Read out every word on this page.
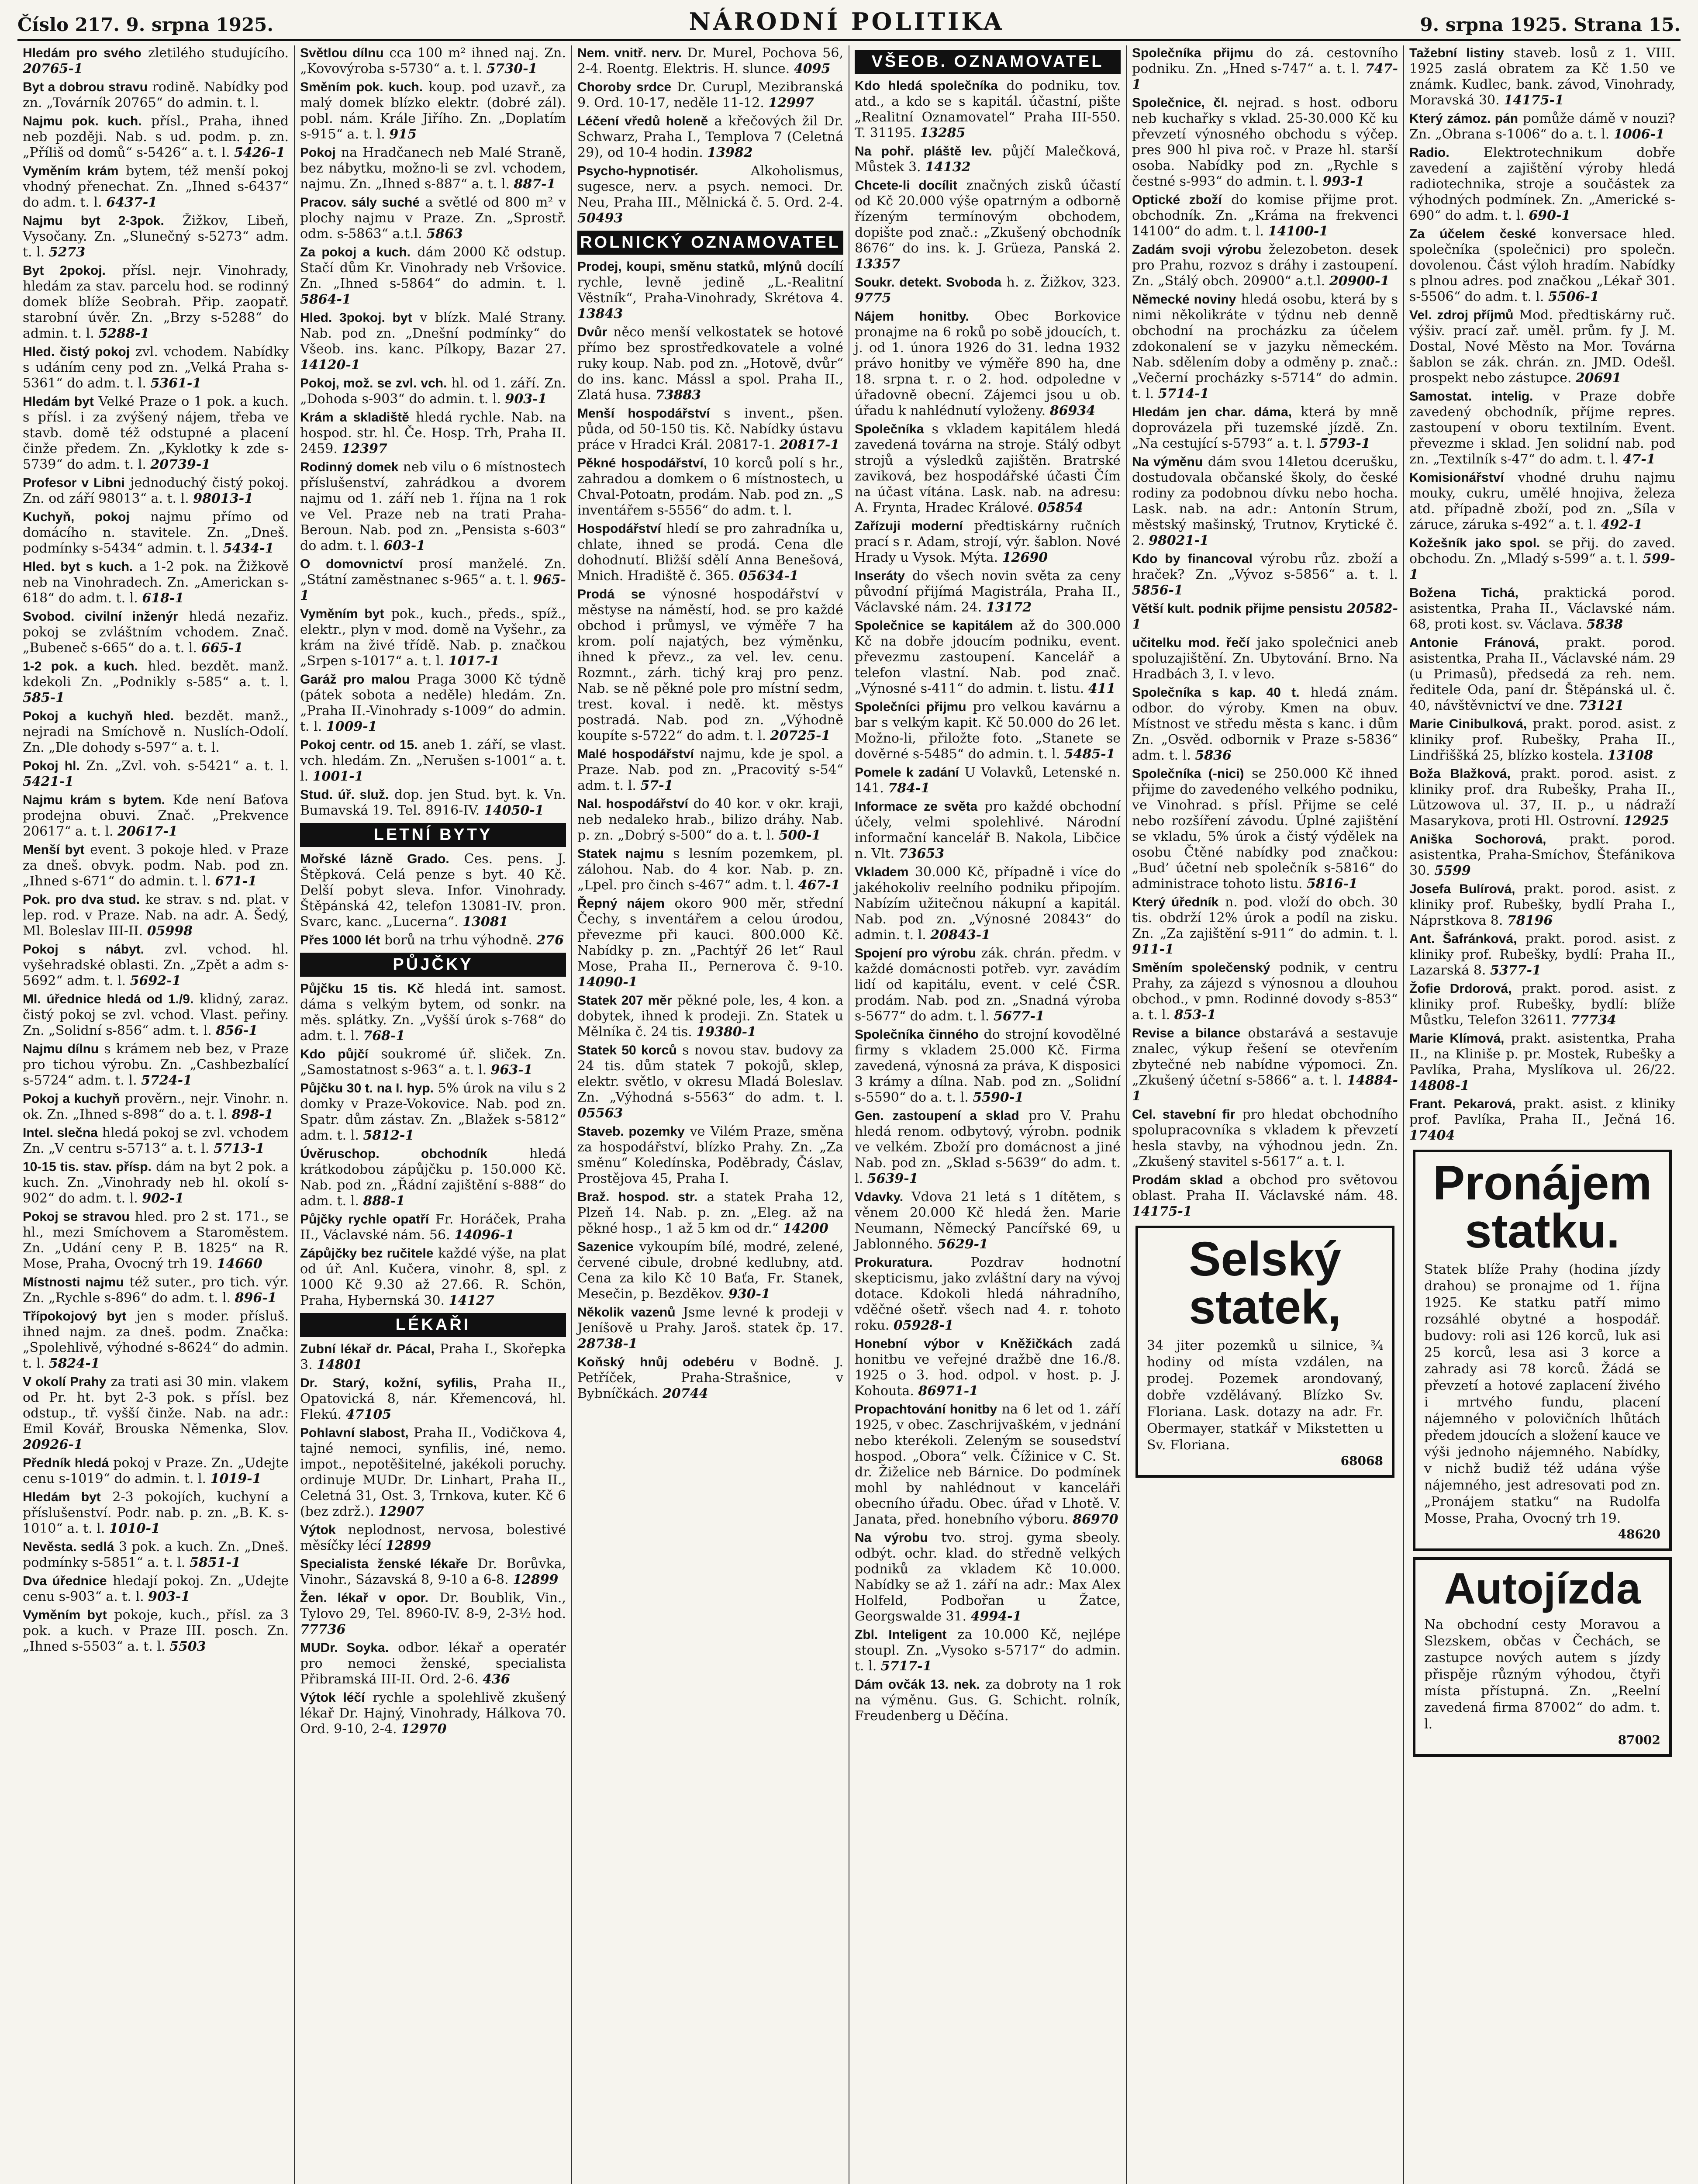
Číslo 217. 9. srpna 1925.	NÁRODNÍ POLITIKA	9. srpna 1925. Strana 15.

Hledám pro svého zletilého studujícího. 20765-1

Byt a dobrou stravu rodině. Nabídky pod zn. „Továrník 20765“ do admin. t. l.

Najmu pok. kuch. přísl., Praha, ihned neb později. Nab. s ud. podm. p. zn. „Příliš od domů“ s-5426“ a. t. l. 5426-1

Vyměním krám bytem, též menší pokoj vhodný přenechat. Zn. „Ihned s-6437“ do adm. t. l. 6437-1

Najmu byt 2-3pok. Žižkov, Libeň, Vysočany. Zn. „Slunečný s-5273“ adm. t. l. 5273

Byt 2pokoj. přísl. nejr. Vinohrady, hledám za stav. parcelu hod. se rodinný domek blíže Seobrah. Přip. zaopatř. starobní úvěr. Zn. „Brzy s-5288“ do admin. t. l. 5288-1

Hled. čistý pokoj zvl. vchodem. Nabídky s udáním ceny pod zn. „Velká Praha s-5361“ do adm. t. l. 5361-1

Hledám byt Velké Praze o 1 pok. a kuch. s přísl. i za zvýšený nájem, třeba ve stavb. domě též odstupné a placení činže předem. Zn. „Kyklotky k zde s-5739“ do adm. t. l. 20739-1

Profesor v Libni jednoduchý čistý pokoj. Zn. od září 98013“ a. t. l. 98013-1

Kuchyň, pokoj najmu přímo od domácího n. stavitele. Zn. „Dneš. podmínky s-5434“ admin. t. l. 5434-1

Hled. byt s kuch. a 1-2 pok. na Žižkově neb na Vinohradech. Zn. „Americkan s-618“ do adm. t. l. 618-1

Svobod. civilní inženýr hledá nezařiz. pokoj se zvláštním vchodem. Znač. „Bubeneč s-665“ do a. t. l. 665-1

1-2 pok. a kuch. hled. bezdět. manž. kdekoli Zn. „Podnikly s-585“ a. t. l. 585-1

Pokoj a kuchyň hled. bezdět. manž., nejradi na Smíchově n. Nuslích-Odolí. Zn. „Dle dohody s-597“ a. t. l.

Pokoj hl. Zn. „Zvl. voh. s-5421“ a. t. l. 5421-1

Najmu krám s bytem. Kde není Baťova prodejna obuvi. Znač. „Prekvence 20617“ a. t. l. 20617-1

Menší byt event. 3 pokoje hled. v Praze za dneš. obvyk. podm. Nab. pod zn. „Ihned s-671“ do admin. t. l. 671-1

Pok. pro dva stud. ke strav. s nd. plat. v lep. rod. v Praze. Nab. na adr. A. Šedý, Ml. Boleslav III-II. 05998

Pokoj s nábyt. zvl. vchod. hl. vyšehradské oblasti. Zn. „Zpět a adm s-5692“ adm. t. l. 5692-1

Ml. úřednice hledá od 1./9. klidný, zaraz. čistý pokoj se zvl. vchod. Vlast. peřiny. Zn. „Solidní s-856“ adm. t. l. 856-1

Najmu dílnu s krámem neb bez, v Praze pro tichou výrobu. Zn. „Cashbezbalící s-5724“ adm. t. l. 5724-1

Pokoj a kuchyň prověrn., nejr. Vinohr. n. ok. Zn. „Ihned s-898“ do a. t. l. 898-1

Intel. slečna hledá pokoj se zvl. vchodem Zn. „V centru s-5713“ a. t. l. 5713-1

10-15 tis. stav. přísp. dám na byt 2 pok. a kuch. Zn. „Vinohrady neb hl. okolí s-902“ do adm. t. l. 902-1

Pokoj se stravou hled. pro 2 st. 171., se hl., mezi Smíchovem a Staroměstem. Zn. „Udání ceny P. B. 1825“ na R. Mose, Praha, Ovocný trh 19. 14660

Místnosti najmu též suter., pro tich. výr. Zn. „Rychle s-896“ do adm. t. l. 896-1

Třípokojový byt jen s moder. přísluš. ihned najm. za dneš. podm. Značka: „Spolehlivě, výhodné s-8624“ do admin. t. l. 5824-1

V okolí Prahy za trati asi 30 min. vlakem od Pr. ht. byt 2-3 pok. s přísl. bez odstup., tř. vyšší činže. Nab. na adr.: Emil Kovář, Brouska Němenka, Slov. 20926-1

Předník hledá pokoj v Praze. Zn. „Udejte cenu s-1019“ do admin. t. l. 1019-1

Hledám byt 2-3 pokojích, kuchyní a příslušenství. Podr. nab. p. zn. „B. K. s-1010“ a. t. l. 1010-1

Nevěsta. sedlá 3 pok. a kuch. Zn. „Dneš. podmínky s-5851“ a. t. l. 5851-1

Dva úřednice hledají pokoj. Zn. „Udejte cenu s-903“ a. t. l. 903-1

Vyměním byt pokoje, kuch., přísl. za 3 pok. a kuch. v Praze III. posch. Zn. „Ihned s-5503“ a. t. l. 5503

Světlou dílnu cca 100 m² ihned naj. Zn. „Kovovýroba s-5730“ a. t. l. 5730-1

Směním pok. kuch. koup. pod uzavř., za malý domek blízko elektr. (dobré zál). pobl. nám. Krále Jiřího. Zn. „Doplatím s-915“ a. t. l. 915

Pokoj na Hradčanech neb Malé Straně, bez nábytku, možno-li se zvl. vchodem, najmu. Zn. „Ihned s-887“ a. t. l. 887-1

Pracov. sály suché a světlé od 800 m² v plochy najmu v Praze. Zn. „Sprostř. odm. s-5863“ a.t.l. 5863

Za pokoj a kuch. dám 2000 Kč odstup. Stačí dům Kr. Vinohrady neb Vršovice. Zn. „Ihned s-5864“ do admin. t. l. 5864-1

Hled. 3pokoj. byt v blízk. Malé Strany. Nab. pod zn. „Dnešní podmínky“ do Všeob. ins. kanc. Pílkopy, Bazar 27. 14120-1

Pokoj, mož. se zvl. vch. hl. od 1. září. Zn. „Dohoda s-903“ do admin. t. l. 903-1

Krám a skladiště hledá rychle. Nab. na hospod. str. hl. Če. Hosp. Trh, Praha II. 2459. 12397

Rodinný domek neb vilu o 6 místnostech příslušenství, zahrádkou a dvorem najmu od 1. září neb 1. října na 1 rok ve Vel. Praze neb na trati Praha-Beroun. Nab. pod zn. „Pensista s-603“ do adm. t. l. 603-1

O domovnictví prosí manželé. Zn. „Státní zaměstnanec s-965“ a. t. l. 965-1

Vyměním byt pok., kuch., předs., spíž., elektr., plyn v mod. domě na Vyšehr., za krám na živé třídě. Nab. p. značkou „Srpen s-1017“ a. t. l. 1017-1

Garáž pro malou Praga 3000 Kč týdně (pátek sobota a neděle) hledám. Zn. „Praha II.-Vinohrady s-1009“ do admin. t. l. 1009-1

Pokoj centr. od 15. aneb 1. září, se vlast. vch. hledám. Zn. „Nerušen s-1001“ a. t. l. 1001-1

Stud. úř. služ. dop. jen Stud. byt. k. Vn. Bumavská 19. Tel. 8916-IV. 14050-1

LETNÍ BYTY

Mořské lázně Grado. Ces. pens. J. Štěpková. Celá penze s byt. 40 Kč. Delší pobyt sleva. Infor. Vinohrady. Štěpánská 42, telefon 13081-IV. pron. Svarc, kanc. „Lucerna“. 13081

Přes 1000 lét borů na trhu výhodně. 276

PŮJČKY

Půjčku 15 tis. Kč hledá int. samost. dáma s velkým bytem, od sonkr. na měs. splátky. Zn. „Vyšší úrok s-768“ do adm. t. l. 768-1

Kdo půjčí soukromé úř. sliček. Zn. „Samostatnost s-963“ a. t. l. 963-1

Půjčku 30 t. na I. hyp. 5% úrok na vilu s 2 domky v Praze-Vokovice. Nab. pod zn. Spatr. dům zástav. Zn. „Blažek s-5812“ adm. t. l. 5812-1

Úvěruschop. obchodník hledá krátkodobou zápůjčku p. 150.000 Kč. Nab. pod zn. „Řádní zajištění s-888“ do adm. t. l. 888-1

Půjčky rychle opatří Fr. Horáček, Praha II., Václavské nám. 56. 14096-1

Zápůjčky bez ručitele každé výše, na plat od úř. Anl. Kučera, vinohr. 8, spl. z 1000 Kč 9.30 až 27.66. R. Schön, Praha, Hybernská 30. 14127

LÉKAŘI

Zubní lékař dr. Pácal, Praha I., Skořepka 3. 14801

Dr. Starý, kožní, syfilis, Praha II., Opatovická 8, nár. Křemencová, hl. Flekú. 47105

Pohlavní slabost, Praha II., Vodičkova 4, tajné nemoci, synfilis, iné, nemo. impot., nepotěšitelné, jakékoli poruchy. ordinuje MUDr. Dr. Linhart, Praha II., Celetná 31, Ost. 3, Trnkova, kuter. Kč 6 (bez zdrž.). 12907

Výtok neplodnost, nervosa, bolestivé měsíčky lécí 12899

Specialista ženské lékaře Dr. Borůvka, Vinohr., Sázavská 8, 9-10 a 6-8. 12899

Žen. lékař v opor. Dr. Boublik, Vin., Tylovo 29, Tel. 8960-IV. 8-9, 2-3½ hod. 77736

MUDr. Soyka. odbor. lékař a operatér pro nemoci ženské, specialista Přibramská III-II. Ord. 2-6. 436

Výtok léčí rychle a spolehlivě zkušený lékař Dr. Hajný, Vinohrady, Hálkova 70. Ord. 9-10, 2-4. 12970

Nem. vnitř. nerv. Dr. Murel, Pochova 56, 2-4. Roentg. Elektris. H. slunce. 4095

Choroby srdce Dr. Curupl, Mezibranská 9. Ord. 10-17, neděle 11-12. 12997

Léčení vředů holeně a křečových žil Dr. Schwarz, Praha I., Templova 7 (Celetná 29), od 10-4 hodin. 13982

Psycho-hypnotisér. Alkoholismus, sugesce, nerv. a psych. nemoci. Dr. Neu, Praha III., Mělnická č. 5. Ord. 2-4. 50493

ROLNICKÝ OZNAMOVATEL

Prodej, koupi, směnu statků, mlýnů docílí rychle, levně jedině „L.-Realitní Věstník“, Praha-Vinohrady, Skrétova 4. 13843

Dvůr něco menší velkostatek se hotové přímo bez sprostředkovatele a volné ruky koup. Nab. pod zn. „Hotově, dvůr“ do ins. kanc. Mássl a spol. Praha II., Zlatá husa. 73883

Menší hospodářství s invent., pšen. půda, od 50-150 tis. Kč. Nabídky ústavu práce v Hradci Král. 20817-1. 20817-1

Pěkné hospodářství, 10 korců polí s hr., zahradou a domkem o 6 místnostech, u Chval-Potoatn, prodám. Nab. pod zn. „S inventářem s-5556“ do adm. t. l.

Hospodářství hledí se pro zahradníka u, chlate, ihned se prodá. Cena dle dohodnutí. Bližší sdělí Anna Benešová, Mnich. Hradiště č. 365. 05634-1

Prodá se výnosné hospodářství v městyse na náměstí, hod. se pro každé obchod i průmysl, ve výměře 7 ha krom. polí najatých, bez výměnku, ihned k převz., za vel. lev. cenu. Rozmnt., zárh. tichý kraj pro penz. Nab. se ně pěkné pole pro místní sedm, trest. koval. i nedě. kt. městys postradá. Nab. pod zn. „Výhodně koupíte s-5722“ do adm. t. l. 20725-1

Malé hospodářství najmu, kde je spol. a Praze. Nab. pod zn. „Pracovitý s-54“ adm. t. l. 57-1

Nal. hospodářství do 40 kor. v okr. kraji, neb nedaleko hrab., bilizo dráhy. Nab. p. zn. „Dobrý s-500“ do a. t. l. 500-1

Statek najmu s lesním pozemkem, pl. zálohou. Nab. do 4 kor. Nab. p. zn. „Lpel. pro činch s-467“ adm. t. l. 467-1

Řepný nájem okoro 900 měr, střední Čechy, s inventářem a celou úrodou, převezme při kauci. 800.000 Kč. Nabídky p. zn. „Pachtýř 26 let“ Raul Mose, Praha II., Pernerova č. 9-10. 14090-1

Statek 207 měr pěkné pole, les, 4 kon. a dobytek, ihned k prodeji. Zn. Statek u Mělníka č. 24 tis. 19380-1

Statek 50 korců s novou stav. budovy za 24 tis. dům statek 7 pokojů, sklep, elektr. světlo, v okresu Mladá Boleslav. Zn. „Výhodná s-5563“ do adm. t. l. 05563

Staveb. pozemky ve Vilém Praze, směna za hospodářství, blízko Prahy. Zn. „Za směnu“ Koledínska, Poděbrady, Čáslav, Prostějova 45, Praha I.

Braž. hospod. str. a statek Praha 12, Plzeň 14. Nab. p. zn. „Eleg. až na pěkné hosp., 1 až 5 km od dr.“ 14200

Sazenice vykoupím bílé, modré, zelené, červené cibule, drobné kedlubny, atd. Cena za kilo Kč 10 Baťa, Fr. Stanek, Mesečin, p. Bezděkov. 930-1

Několik vazenů Jsme levné k prodeji v Jeníšově u Prahy. Jaroš. statek čp. 17. 28738-1

Koňský hnůj odebéru v Bodně. J. Petříček, Praha-Strašnice, v Bybníčkách. 20744

VŠEOB. OZNAMOVATEL

Kdo hledá společníka do podniku, tov. atd., a kdo se s kapitál. účastní, pište „Realitní Oznamovatel“ Praha III-550. T. 31195. 13285

Na pohř. pláště lev. půjčí Malečková, Můstek 3. 14132

Chcete-li docílit značných zisků účastí od Kč 20.000 výše opatrným a odborně řízeným termínovým obchodem, dopište pod znač.: „Zkušený obchodník 8676“ do ins. k. J. Grüeza, Panská 2. 13357

Soukr. detekt. Svoboda h. z. Žižkov, 323. 9775

Nájem honitby. Obec Borkovice pronajme na 6 roků po sobě jdoucích, t. j. od 1. února 1926 do 31. ledna 1932 právo honitby ve výměře 890 ha, dne 18. srpna t. r. o 2. hod. odpoledne v úřadovně obecní. Zájemci jsou u ob. úřadu k nahlédnutí vyloženy. 86934

Společníka s vkladem kapitálem hledá zavedená továrna na stroje. Stálý odbyt strojů a výsledků zajištěn. Bratrské zaviková, bez hospodářské účasti Čím na účast vítána. Lask. nab. na adresu: A. Frynta, Hradec Králové. 05854

Zařízuji moderní předtiskárny ručních prací s r. Adam, strojí, výr. šablon. Nové Hrady u Vysok. Mýta. 12690

Inseráty do všech novin světa za ceny původní přijímá Magistrála, Praha II., Václavské nám. 24. 13172

Společnice se kapitálem až do 300.000 Kč na dobře jdoucím podniku, event. převezmu zastoupení. Kancelář a telefon vlastní. Nab. pod znač. „Výnosné s-411“ do admin. t. listu. 411

Společníci přijmu pro velkou kavárnu a bar s velkým kapit. Kč 50.000 do 26 let. Možno-li, přiložte foto. „Stanete se dověrné s-5485“ do admin. t. l. 5485-1

Pomele k zadání U Volavků, Letenské n. 141. 784-1

Informace ze světa pro každé obchodní účely, velmi spolehlivé. Národní informační kancelář B. Nakola, Libčice n. Vlt. 73653

Vkladem 30.000 Kč, případně i více do jakéhokoliv reelního podniku připojím. Nabízím užitečnou nákupní a kapitál. Nab. pod zn. „Výnosné 20843“ do admin. t. l. 20843-1

Spojení pro výrobu zák. chrán. předm. v každé domácnosti potřeb. vyr. zavádím lidí od kapitálu, event. v celé ČSR. prodám. Nab. pod zn. „Snadná výroba s-5677“ do adm. t. l. 5677-1

Společníka činného do strojní kovodělné firmy s vkladem 25.000 Kč. Firma zavedená, výnosná za práva, K disposici 3 krámy a dílna. Nab. pod zn. „Solidní s-5590“ do a. t. l. 5590-1

Gen. zastoupení a sklad pro V. Prahu hledá renom. odbytový, výrobn. podnik ve velkém. Zboží pro domácnost a jiné Nab. pod zn. „Sklad s-5639“ do adm. t. l. 5639-1

Vdavky. Vdova 21 letá s 1 dítětem, s věnem 20.000 Kč hledá žen. Marie Neumann, Německý Pancířské 69, u Jablonného. 5629-1

Prokuratura. Pozdrav hodnotní skepticismu, jako zvláštní dary na vývoj dotace. Kdokoli hledá náhradního, vděčné ošetř. všech nad 4. r. tohoto roku. 05928-1

Honební výbor v Kněžičkách zadá honitbu ve veřejné dražbě dne 16./8. 1925 o 3. hod. odpol. v host. p. J. Kohouta. 86971-1

Propachtování honitby na 6 let od 1. září 1925, v obec. Zaschrijvaškém, v jednání nebo kterékoli. Zeleným se sousedství hospod. „Obora“ velk. Čížinice v C. St. dr. Žiželice neb Bárnice. Do podmínek mohl by nahlédnout v kanceláři obecního úřadu. Obec. úřad v Lhotě. V. Janata, před. honebního výboru. 86970

Na výrobu tvo. stroj. gyma sbeoly. odbýt. ochr. klad. do středně velkých podniků za vkladem Kč 10.000. Nabídky se až 1. září na adr.: Max Alex Holfeld, Podbořan u Žatce, Georgswalde 31. 4994-1

Zbl. Inteligent za 10.000 Kč, nejlépe stoupl. Zn. „Vysoko s-5717“ do admin. t. l. 5717-1

Dám ovčák 13. nek. za dobroty na 1 rok na výměnu. Gus. G. Schicht. rolník, Freudenberg u Děčína.

Společníka přijmu do zá. cestovního podniku. Zn. „Hned s-747“ a. t. l. 747-1

Společnice, čl. nejrad. s host. odboru neb kuchařky s vklad. 25-30.000 Kč ku převzetí výnosného obchodu s výčep. pres 900 hl piva roč. v Praze hl. starší osoba. Nabídky pod zn. „Rychle s čestné s-993“ do admin. t. l. 993-1

Optické zboží do komise přijme prot. obchodník. Zn. „Kráma na frekvenci 14100“ do adm. t. l. 14100-1

Zadám svoji výrobu železobeton. desek pro Prahu, rozvoz s dráhy i zastoupení. Zn. „Stálý obch. 20900“ a.t.l. 20900-1

Německé noviny hledá osobu, která by s nimi několikráte v týdnu neb denně obchodní na procházku za účelem zdokonalení se v jazyku německém. Nab. sdělením doby a odměny p. znač.: „Večerní procházky s-5714“ do admin. t. l. 5714-1

Hledám jen char. dáma, která by mně doprovázela při tuzemské jízdě. Zn. „Na cestující s-5793“ a. t. l. 5793-1

Na výměnu dám svou 14letou dcerušku, dostudovala občanské školy, do české rodiny za podobnou dívku nebo hocha. Lask. nab. na adr.: Antonín Strum, městský mašinský, Trutnov, Krytické č. 2. 98021-1

Kdo by financoval výrobu růz. zboží a hraček? Zn. „Vývoz s-5856“ a. t. l. 5856-1

Větší kult. podnik přijme pensistu 20582-1

učitelku mod. řečí jako společnici aneb spoluzajištění. Zn. Ubytování. Brno. Na Hradbách 3, I. v levo.

Společníka s kap. 40 t. hledá znám. odbor. do výroby. Kmen na obuv. Místnost ve středu města s kanc. i dům Zn. „Osvěd. odbornik v Praze s-5836“ adm. t. l. 5836

Společníka (-nici) se 250.000 Kč ihned přijme do zavedeného velkého podniku, ve Vinohrad. s přísl. Přijme se celé nebo rozšíření závodu. Úplné zajištění se vkladu, 5% úrok a čistý výdělek na osobu Čtěné nabídky pod značkou: „Bud’ účetní neb společník s-5816“ do administrace tohoto listu. 5816-1

Který úředník n. pod. vloží do obch. 30 tis. obdrží 12% úrok a podíl na zisku. Zn. „Za zajištění s-911“ do admin. t. l. 911-1

Směním společenský podnik, v centru Prahy, za zájezd s výnosnou a dlouhou obchod., v pmn. Rodinné dovody s-853“ a. t. l. 853-1

Revise a bilance obstarává a sestavuje znalec, výkup řešení se otevřením zbytečné neb nabídne výpomoci. Zn. „Zkušený účetní s-5866“ a. t. l. 14884-1

Cel. stavební fir pro hledat obchodního spolupracovníka s vkladem k převzetí hesla stavby, na výhodnou jedn. Zn. „Zkušený stavitel s-5617“ a. t. l.

Prodám sklad a obchod pro světovou oblast. Praha II. Václavské nám. 48. 14175-1

Selský statek,
34 jiter pozemků u silnice, ¾ hodiny od místa vzdálen, na prodej. Pozemek arondovaný, dobře vzdělávaný. Blízko Sv. Floriana. Lask. dotazy na adr. Fr. Obermayer, statkář v Mikstetten u Sv. Floriana.
68068

Tažební listiny staveb. losů z 1. VIII. 1925 zaslá obratem za Kč 1.50 ve známk. Kudlec, bank. závod, Vinohrady, Moravská 30. 14175-1

Který zámoz. pán pomůže dámě v nouzi? Zn. „Obrana s-1006“ do a. t. l. 1006-1

Radio. Elektrotechnikum dobře zavedení a zajištění výroby hledá radiotechnika, stroje a součástek za výhodných podmínek. Zn. „Americké s-690“ do adm. t. l. 690-1

Za účelem české konversace hled. společníka (společnici) pro společn. dovolenou. Část výloh hradím. Nabídky s plnou adres. pod značkou „Lékař 301. s-5506“ do adm. t. l. 5506-1

Vel. zdroj příjmů Mod. předtiskárny ruč. výšiv. prací zař. uměl. prům. fy J. M. Dostal, Nové Město na Mor. Továrna šablon se zák. chrán. zn. JMD. Odešl. prospekt nebo zástupce. 20691

Samostat. intelig. v Praze dobře zavedený obchodník, příjme repres. zastoupení v oboru textilním. Event. převezme i sklad. Jen solidní nab. pod zn. „Textilník s-47“ do adm. t. l. 47-1

Komisionářství vhodné druhu najmu mouky, cukru, umělé hnojiva, železa atd. případně zboží, pod zn. „Síla v záruce, záruka s-492“ a. t. l. 492-1

Kožešník jako spol. se přij. do zaved. obchodu. Zn. „Mladý s-599“ a. t. l. 599-1

Božena Tichá, praktická porod. asistentka, Praha II., Václavské nám. 68, proti kost. sv. Václava. 5838

Antonie Fránová, prakt. porod. asistentka, Praha II., Václavské nám. 29 (u Primasů), předsedá za reh. nem. ředitele Oda, paní dr. Štěpánská ul. č. 40, návštěvnictví ve dne. 73121

Marie Cinibulková, prakt. porod. asist. z kliniky prof. Rubešky, Praha II., Lindřiššká 25, blízko kostela. 13108

Boža Blažková, prakt. porod. asist. z kliniky prof. dra Rubešky, Praha II., Lützowova ul. 37, II. p., u nádraží Masarykova, proti Hl. Ostrovní. 12925

Aniška Sochorová, prakt. porod. asistentka, Praha-Smíchov, Štefánikova 30. 5599

Josefa Bulírová, prakt. porod. asist. z kliniky prof. Rubešky, bydlí Praha I., Náprstkova 8. 78196

Ant. Šafránková, prakt. porod. asist. z kliniky prof. Rubešky, bydlí: Praha II., Lazarská 8. 5377-1

Žofie Drdorová, prakt. porod. asist. z kliniky prof. Rubešky, bydlí: blíže Můstku, Telefon 32611. 77734

Marie Klímová, prakt. asistentka, Praha II., na Kliniše p. pr. Mostek, Rubešky a Pavlíka, Praha, Myslíkova ul. 26/22. 14808-1

Frant. Pekarová, prakt. asist. z kliniky prof. Pavlíka, Praha II., Ječná 16. 17404

Pronájem statku.
Statek blíže Prahy (hodina jízdy drahou) se pronajme od 1. října 1925. Ke statku patří mimo rozsáhlé obytné a hospodář. budovy: roli asi 126 korců, luk asi 25 korců, lesa asi 3 korce a zahrady asi 78 korců. Žádá se převzetí a hotové zaplacení živého i mrtvého fundu, placení nájemného v polovičních lhůtách předem jdoucích a složení kauce ve výši jednoho nájemného. Nabídky, v nichž budiž též udána výše nájemného, jest adresovati pod zn. „Pronájem statku“ na Rudolfa Mosse, Praha, Ovocný trh 19.
48620
Autojízda
Na obchodní cesty Moravou a Slezskem, občas v Čechách, se zastupce nových autem s jízdy přispěje různým výhodou, čtyři místa přístupná. Zn. „Reelní zavedená firma 87002“ do adm. t. l.
87002
